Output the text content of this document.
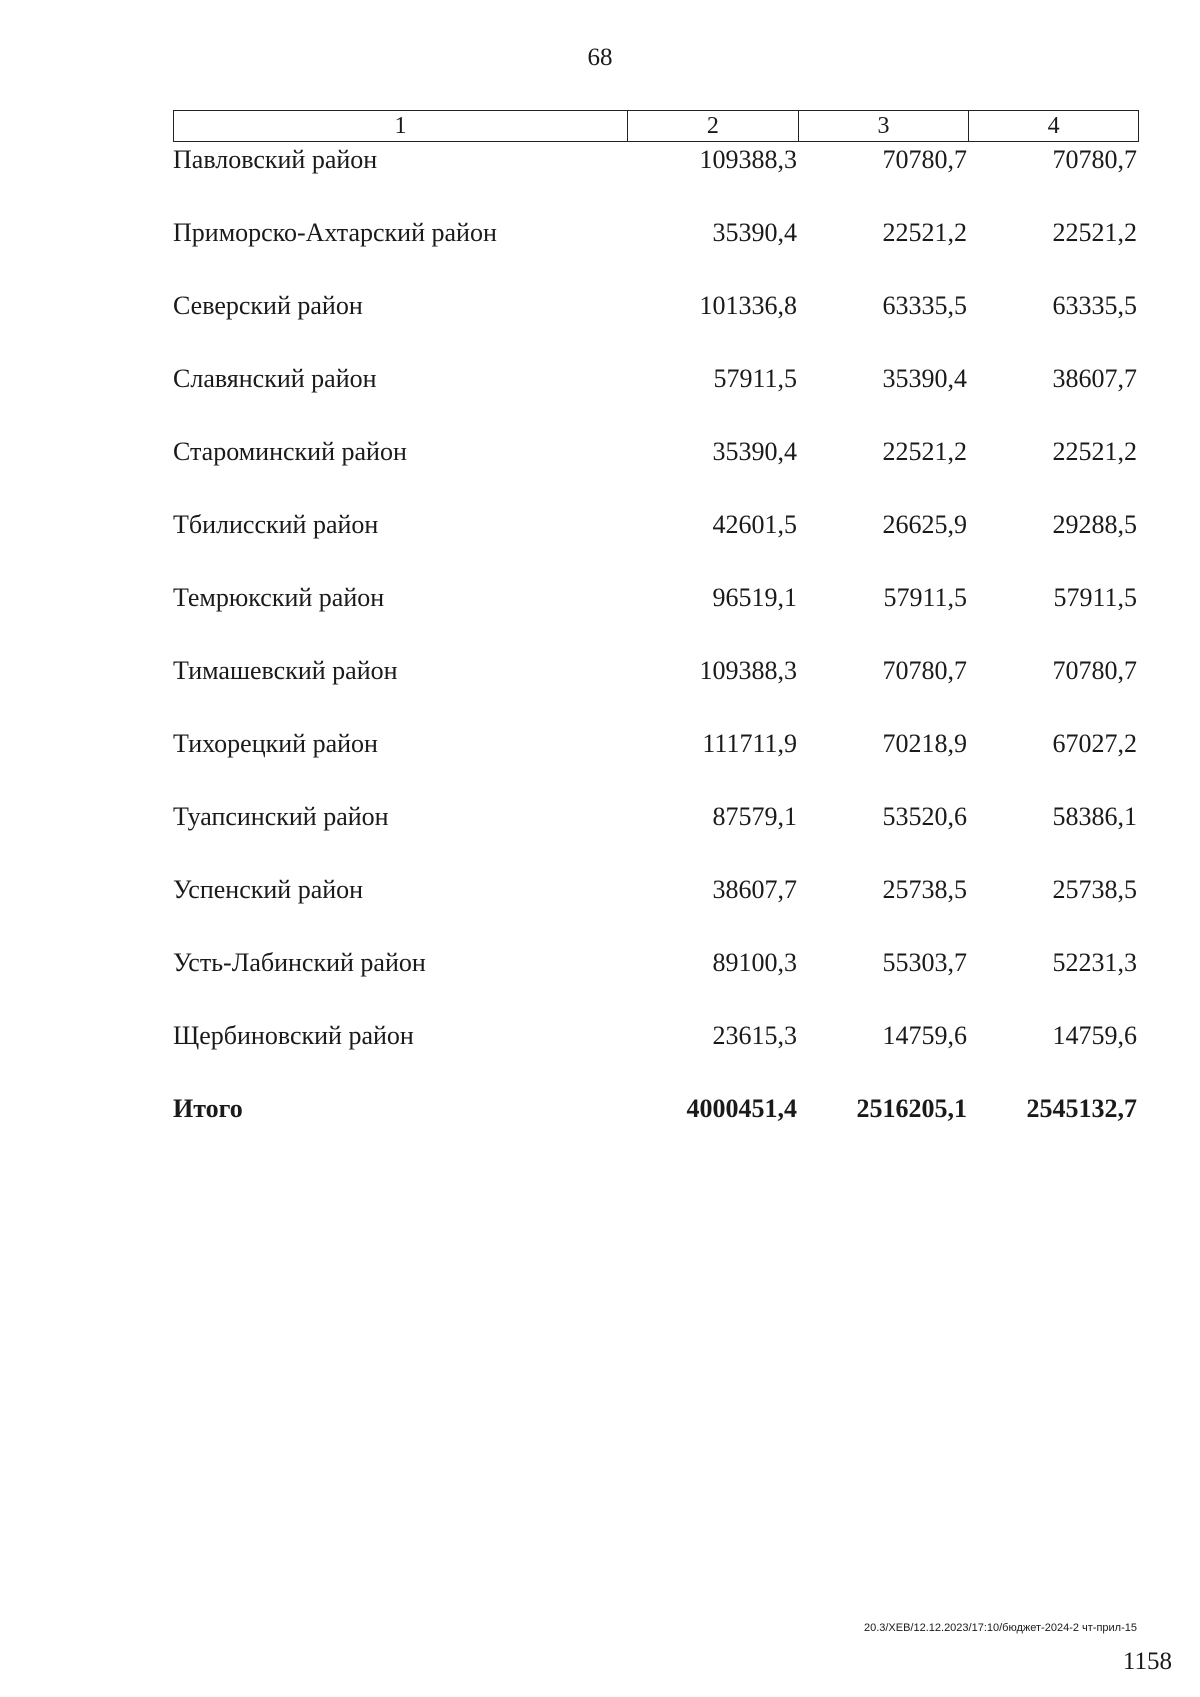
68
1	2	3	4
Павловский район	109388,3	70780,7	70780,7
Приморско-Ахтарский район	35390,4	22521,2	22521,2
Северский район	101336,8	63335,5	63335,5
Славянский район	57911,5	35390,4	38607,7
Староминский район	35390,4	22521,2	22521,2
Тбилисский район	42601,5	26625,9	29288,5
Темрюкский район	96519,1	57911,5	57911,5
Тимашевский район	109388,3	70780,7	70780,7
Тихорецкий район	111711,9	70218,9	67027,2
Туапсинский район	87579,1	53520,6	58386,1
Успенский район	38607,7	25738,5	25738,5
Усть-Лабинский район	89100,3	55303,7	52231,3
Щербиновский район	23615,3	14759,6	14759,6
Итого	4000451,4	2516205,1	2545132,7
20.3/ХЕВ/12.12.2023/17:10/бюджет-2024-2 чт-прил-15
1158
